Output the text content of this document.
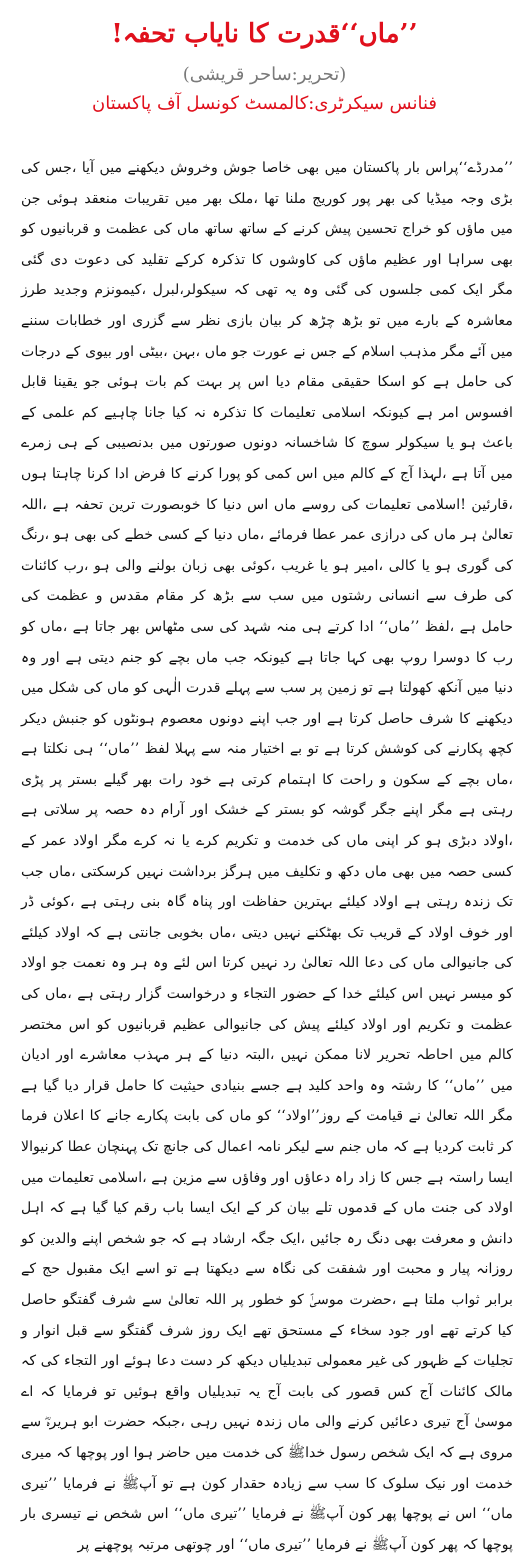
’’ماں‘‘قدرت کا نایاب تحفہ!

(تحریر:ساحر قریشی)

فنانس سیکرٹری:کالمسٹ کونسل آف پاکستان

’’مدرڈے‘‘پراس بار پاکستان میں بھی خاصا جوش وخروش دیکھنے میں آیا ،جس کی بڑی وجہ میڈیا کی بھر پور کوریج ملنا تھا ،ملک بھر میں تقریبات منعقد ہوئی جن میں ماؤں کو خراج تحسین پیش کرنے کے ساتھ ساتھ ماں کی عظمت و قربانیوں کو بھی سراہا اور عظیم ماؤں کی کاوشوں کا تذکرہ کرکے تقلید کی دعوت دی گئی مگر ایک کمی جلسوں کی گئی وہ یہ تھی کہ سیکولر،لبرل ،کیمونزم وجدید طرز معاشرہ کے بارے میں تو بڑھ چڑھ کر بیان بازی نظر سے گزری اور خطابات سننے میں آئے مگر مذہب اسلام کے جس نے عورت جو ماں ،بہن ،بیٹی اور بیوی کے درجات کی حامل ہے کو اسکا حقیقی مقام دیا اس پر بہت کم بات ہوئی جو یقینا قابل افسوس امر ہے کیونکہ اسلامی تعلیمات کا تذکرہ نہ کیا جانا چاہیے کم علمی کے باعث ہو یا سیکولر سوچ کا شاخسانہ دونوں صورتوں میں بدنصیبی کے ہی زمرے میں آتا ہے ،لہذا آج کے کالم میں اس کمی کو پورا کرنے کا فرض ادا کرنا چاہتا ہوں ،قارئین !اسلامی تعلیمات کی روسے ماں اس دنیا کا خوبصورت ترین تحفہ ہے ،اللہ تعالیٰ ہر ماں کی درازی عمر عطا فرمائے ،ماں دنیا کے کسی خطے کی بھی ہو ،رنگ کی گوری ہو یا کالی ،امیر ہو یا غریب ،کوئی بھی زبان بولنے والی ہو ،رب کائنات کی طرف سے انسانی رشتوں میں سب سے بڑھ کر مقام مقدس و عظمت کی حامل ہے ،لفظ ’’ماں‘‘ ادا کرتے ہی منہ شہد کی سی مٹھاس بھر جاتا ہے ،ماں کو رب کا دوسرا روپ بھی کہا جاتا ہے کیونکہ جب ماں بچے کو جنم دیتی ہے اور وہ دنیا میں آنکھ کھولتا ہے تو زمین پر سب سے پہلے قدرت الٰہی کو ماں کی شکل میں دیکھنے کا شرف حاصل کرتا ہے اور جب اپنے دونوں معصوم ہونٹوں کو جنبش دیکر کچھ پکارنے کی کوشش کرتا ہے تو بے اختیار منہ سے پہلا لفظ ’’ماں‘‘ ہی نکلتا ہے ،ماں بچے کے سکون و راحت کا اہتمام کرتی ہے خود رات بھر گیلے بستر پر پڑی رہتی ہے مگر اپنے جگر گوشہ کو بستر کے خشک اور آرام دہ حصہ پر سلاتی ہے ،اولاد دبڑی ہو کر اپنی ماں کی خدمت و تکریم کرے یا نہ کرے مگر اولاد عمر کے کسی حصہ میں بھی ماں دکھ و تکلیف میں ہرگز برداشت نہیں کرسکتی ،ماں جب تک زندہ رہتی ہے اولاد کیلئے بہترین حفاظت اور پناہ گاہ بنی رہتی ہے ،کوئی ڈر اور خوف اولاد کے قریب تک بھٹکنے نہیں دیتی ،ماں بخوبی جانتی ہے کہ اولاد کیلئے کی جانیوالی ماں کی دعا اللہ تعالیٰ رد نہیں کرتا اس لئے وہ ہر وہ نعمت جو اولاد کو میسر نہیں اس کیلئے خدا کے حضور التجاء و درخواست گزار رہتی ہے ،ماں کی عظمت و تکریم اور اولاد کیلئے پیش کی جانیوالی عظیم قربانیوں کو اس مختصر کالم میں احاطہ تحریر لانا ممکن نہیں ،البتہ دنیا کے ہر مہذب معاشرے اور ادیان میں ’’ماں‘‘ کا رشتہ وہ واحد کلید ہے جسے بنیادی حیثیت کا حامل قرار دیا گیا ہے مگر اللہ تعالیٰ نے قیامت کے روز’’اولاد‘‘ کو ماں کی بابت پکارے جانے کا اعلان فرما کر ثابت کردیا ہے کہ ماں جنم سے لیکر نامہ اعمال کی جانچ تک پہنچان عطا کرنیوالا ایسا راستہ ہے جس کا زاد راہ دعاؤں اور وفاؤں سے مزین ہے ،اسلامی تعلیمات میں اولاد کی جنت ماں کے قدموں تلے بیان کر کے ایک ایسا باب رقم کیا گیا ہے کہ اہل دانش و معرفت بھی دنگ رہ جائیں ،ایک جگہ ارشاد ہے کہ جو شخص اپنے والدین کو روزانہ پیار و محبت اور شفقت کی نگاہ سے دیکھتا ہے تو اسے ایک مقبول حج کے برابر ثواب ملتا ہے ،حضرت موسیٰؑ کو خطور پر اللہ تعالیٰ سے شرف گفتگو حاصل کیا کرتے تھے اور جود سخاء کے مستحق تھے ایک روز شرف گفتگو سے قبل انوار و تجلیات کے ظہور کی غیر معمولی تبدیلیاں دیکھ کر دست دعا ہوئے اور التجاء کی کہ مالک کائنات آج کس قصور کی بابت آج یہ تبدیلیاں واقع ہوئیں تو فرمایا کہ اے موسیٰ آج تیری دعائیں کرنے والی ماں زندہ نہیں رہی ،جبکہ حضرت ابو ہریرہؓ سے مروی ہے کہ ایک شخص رسول خداﷺ کی خدمت میں حاضر ہوا اور پوچھا کہ میری خدمت اور نیک سلوک کا سب سے زیادہ حقدار کون ہے تو آپﷺ نے فرمایا ’’تیری ماں‘‘ اس نے پوچھا پھر کون آپﷺ نے فرمایا ’’تیری ماں‘‘ اس شخص نے تیسری بار پوچھا کہ پھر کون آپﷺ نے فرمایا ’’تیری ماں‘‘ اور چوتھی مرتبہ پوچھنے پر
